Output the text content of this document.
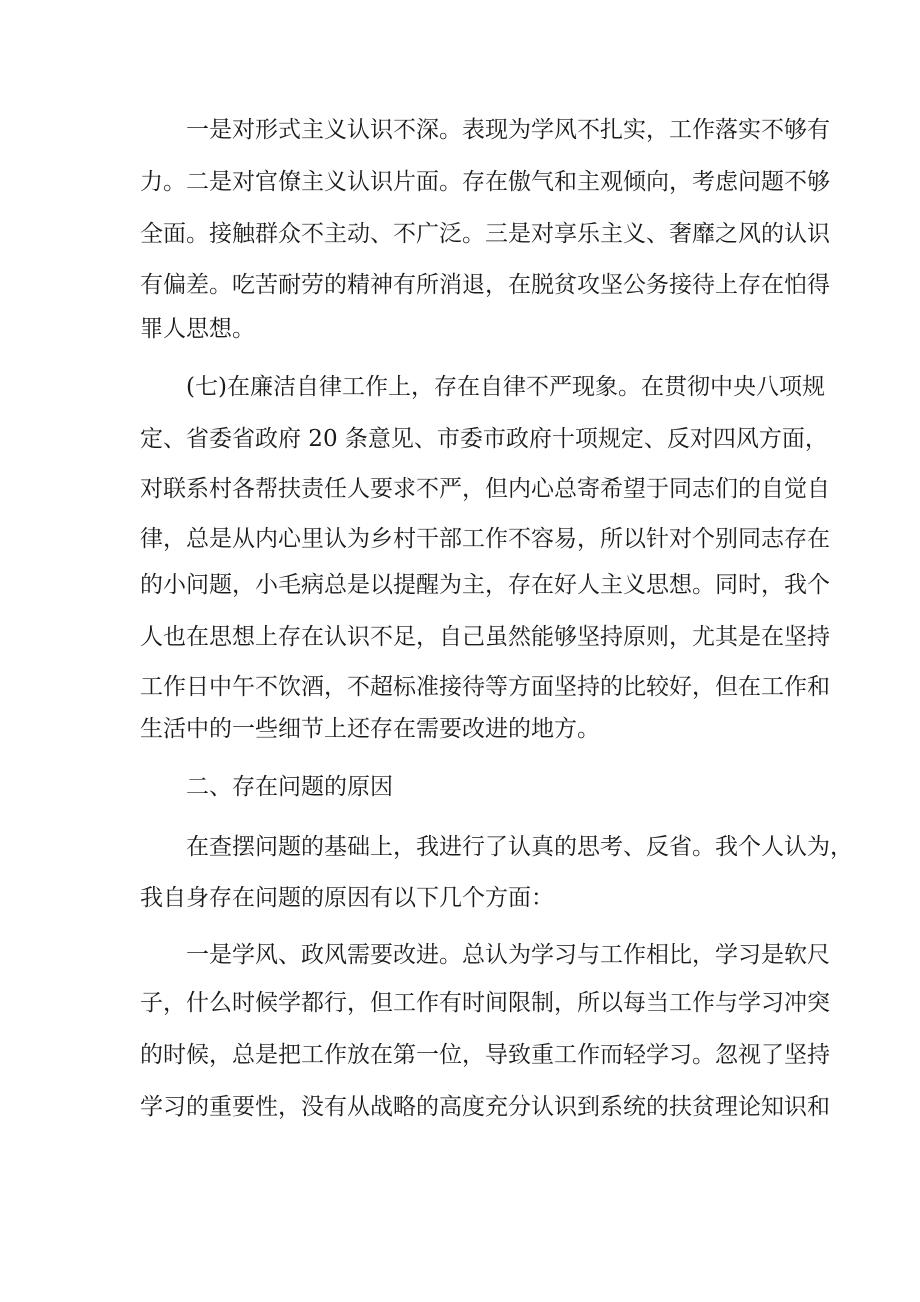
一是对形式主义认识不深。表现为学风不扎实，工作落实不够有
力。二是对官僚主义认识片面。存在傲气和主观倾向，考虑问题不够
全面。接触群众不主动、不广泛。三是对享乐主义、奢靡之风的认识
有偏差。吃苦耐劳的精神有所消退，在脱贫攻坚公务接待上存在怕得
罪人思想。
(七)在廉洁自律工作上，存在自律不严现象。在贯彻中央八项规
定、省委省政府 20 条意见、市委市政府十项规定、反对四风方面，
对联系村各帮扶责任人要求不严，但内心总寄希望于同志们的自觉自
律，总是从内心里认为乡村干部工作不容易，所以针对个别同志存在
的小问题，小毛病总是以提醒为主，存在好人主义思想。同时，我个
人也在思想上存在认识不足，自己虽然能够坚持原则，尤其是在坚持
工作日中午不饮酒，不超标准接待等方面坚持的比较好，但在工作和
生活中的一些细节上还存在需要改进的地方。
二、存在问题的原因
在查摆问题的基础上，我进行了认真的思考、反省。我个人认为，
我自身存在问题的原因有以下几个方面：
一是学风、政风需要改进。总认为学习与工作相比，学习是软尺
子，什么时候学都行，但工作有时间限制，所以每当工作与学习冲突
的时候，总是把工作放在第一位，导致重工作而轻学习。忽视了坚持
学习的重要性，没有从战略的高度充分认识到系统的扶贫理论知识和
